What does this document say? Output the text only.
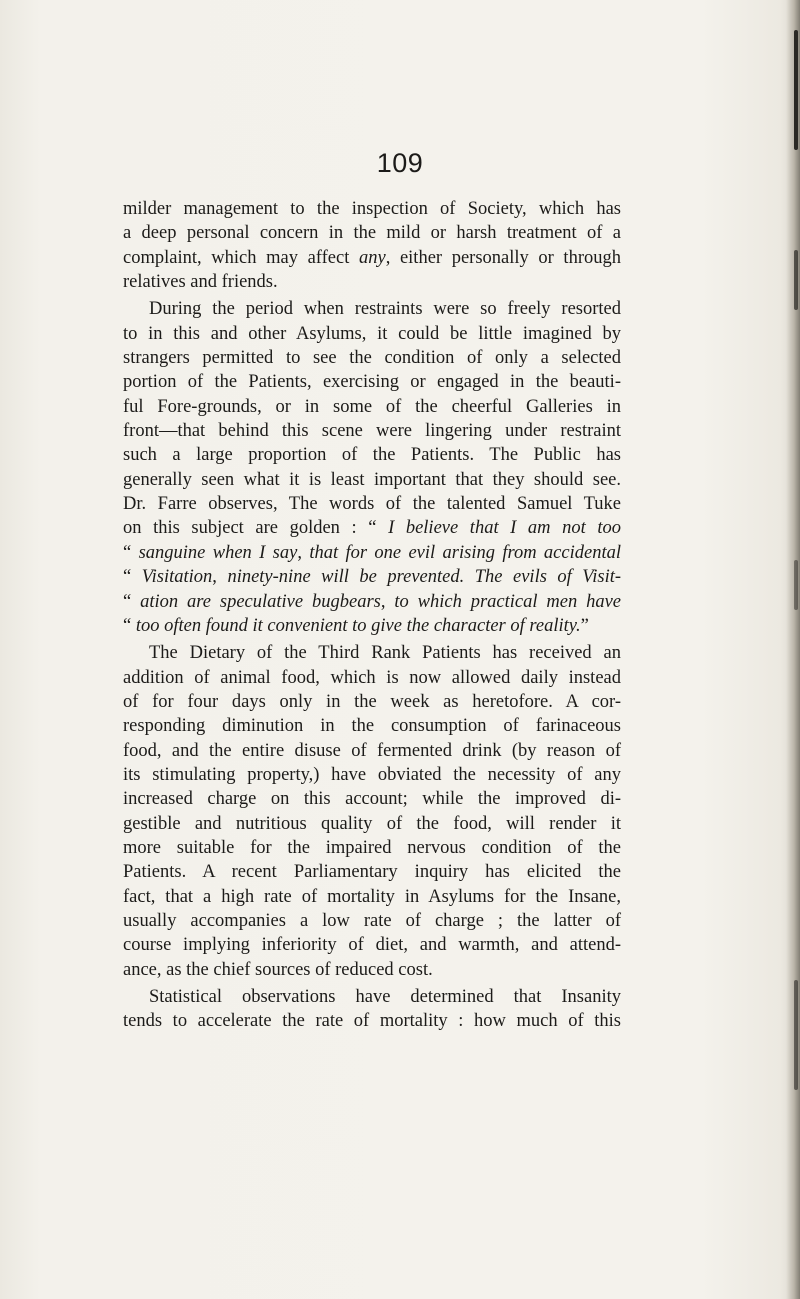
109
milder management to the inspection of Society, which has
a deep personal concern in the mild or harsh treatment of a
complaint, which may affect any, either personally or through
relatives and friends.
During the period when restraints were so freely resorted
to in this and other Asylums, it could be little imagined by
strangers permitted to see the condition of only a selected
portion of the Patients, exercising or engaged in the beauti-
ful Fore-grounds, or in some of the cheerful Galleries in
front—that behind this scene were lingering under restraint
such a large proportion of the Patients. The Public has
generally seen what it is least important that they should see.
Dr. Farre observes, The words of the talented Samuel Tuke
on this subject are golden : “ I believe that I am not too
“ sanguine when I say, that for one evil arising from accidental
“ Visitation, ninety-nine will be prevented. The evils of Visit-
“ ation are speculative bugbears, to which practical men have
“ too often found it convenient to give the character of reality.”
The Dietary of the Third Rank Patients has received an
addition of animal food, which is now allowed daily instead
of for four days only in the week as heretofore. A cor-
responding diminution in the consumption of farinaceous
food, and the entire disuse of fermented drink (by reason of
its stimulating property,) have obviated the necessity of any
increased charge on this account; while the improved di-
gestible and nutritious quality of the food, will render it
more suitable for the impaired nervous condition of the
Patients. A recent Parliamentary inquiry has elicited the
fact, that a high rate of mortality in Asylums for the Insane,
usually accompanies a low rate of charge ; the latter of
course implying inferiority of diet, and warmth, and attend-
ance, as the chief sources of reduced cost.
Statistical observations have determined that Insanity
tends to accelerate the rate of mortality : how much of this
